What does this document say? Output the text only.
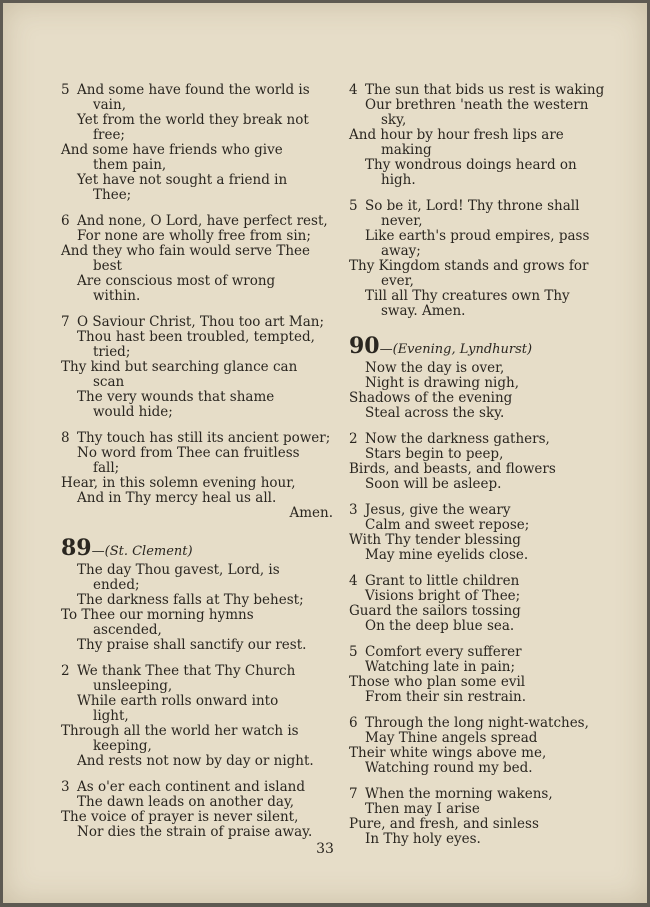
5 And some have found the world is
vain,
Yet from the world they break not
free;
And some have friends who give
them pain,
Yet have not sought a friend in
Thee;
6 And none, O Lord, have perfect rest,
For none are wholly free from sin;
And they who fain would serve Thee
best
Are conscious most of wrong
within.
7 O Saviour Christ, Thou too art Man;
Thou hast been troubled, tempted,
tried;
Thy kind but searching glance can
scan
The very wounds that shame
would hide;
8 Thy touch has still its ancient power;
No word from Thee can fruitless
fall;
Hear, in this solemn evening hour,
And in Thy mercy heal us all.
Amen.
89—(St. Clement)
The day Thou gavest, Lord, is
ended;
The darkness falls at Thy behest;
To Thee our morning hymns
ascended,
Thy praise shall sanctify our rest.
2 We thank Thee that Thy Church
unsleeping,
While earth rolls onward into
light,
Through all the world her watch is
keeping,
And rests not now by day or night.
3 As o'er each continent and island
The dawn leads on another day,
The voice of prayer is never silent,
Nor dies the strain of praise away.
4 The sun that bids us rest is waking
Our brethren 'neath the western
sky,
And hour by hour fresh lips are
making
Thy wondrous doings heard on
high.
5 So be it, Lord! Thy throne shall
never,
Like earth's proud empires, pass
away;
Thy Kingdom stands and grows for
ever,
Till all Thy creatures own Thy
sway. Amen.
90—(Evening, Lyndhurst)
Now the day is over,
Night is drawing nigh,
Shadows of the evening
Steal across the sky.
2 Now the darkness gathers,
Stars begin to peep,
Birds, and beasts, and flowers
Soon will be asleep.
3 Jesus, give the weary
Calm and sweet repose;
With Thy tender blessing
May mine eyelids close.
4 Grant to little children
Visions bright of Thee;
Guard the sailors tossing
On the deep blue sea.
5 Comfort every sufferer
Watching late in pain;
Those who plan some evil
From their sin restrain.
6 Through the long night-watches,
May Thine angels spread
Their white wings above me,
Watching round my bed.
7 When the morning wakens,
Then may I arise
Pure, and fresh, and sinless
In Thy holy eyes.
33
